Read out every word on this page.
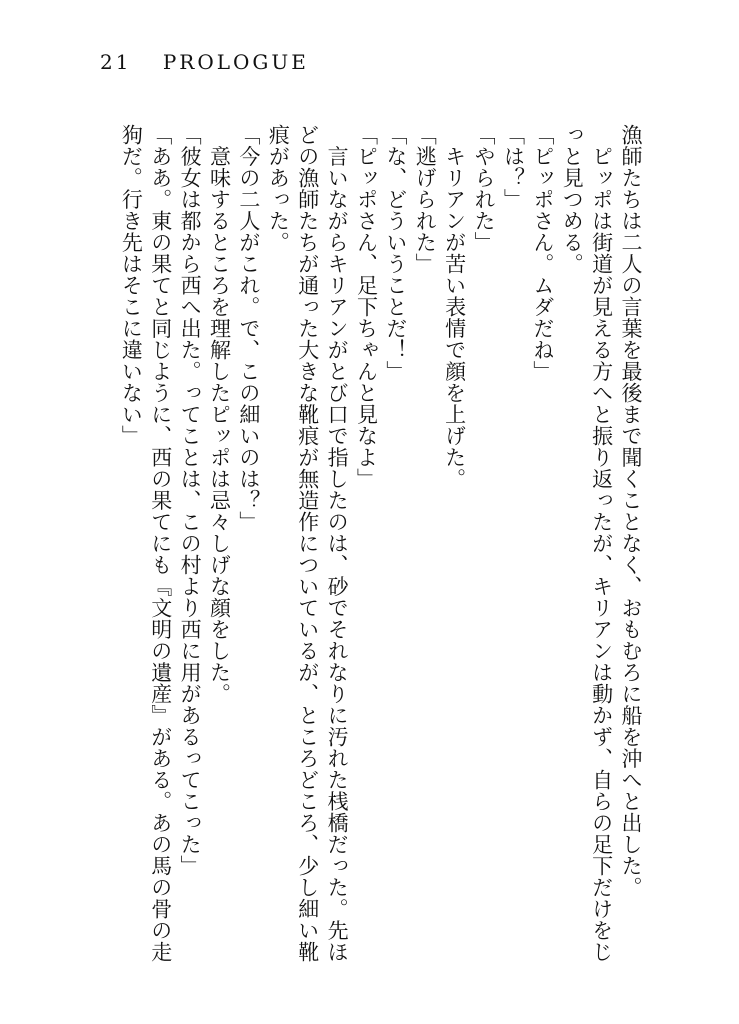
21 PROLOGUE
漁師たちは二人の言葉を最後まで聞くことなく、おもむろに船を沖へと出した。
　ピッポは街道が見える方へと振り返ったが、キリアンは動かず、自らの足下だけをじっと見つめる。
「ピッポさん。ムダだね」
「は？」
「やられた」
　キリアンが苦い表情で顔を上げた。
「逃げられた」
「な、どういうことだ！」
「ピッポさん、足下ちゃんと見なよ」
　言いながらキリアンがとび口で指したのは、砂でそれなりに汚れた桟橋だった。先ほどの漁師たちが通った大きな靴痕が無造作についているが、ところどころ、少し細い靴痕があった。
「今の二人がこれ。で、この細いのは？」
　意味するところを理解したピッポは忌々しげな顔をした。
「彼女は都から西へ出た。ってことは、この村より西に用があるってこった」
「ああ。東の果てと同じように、西の果てにも『文明の遺産』がある。あの馬の骨の走狗だ。行き先はそこに違いない」
